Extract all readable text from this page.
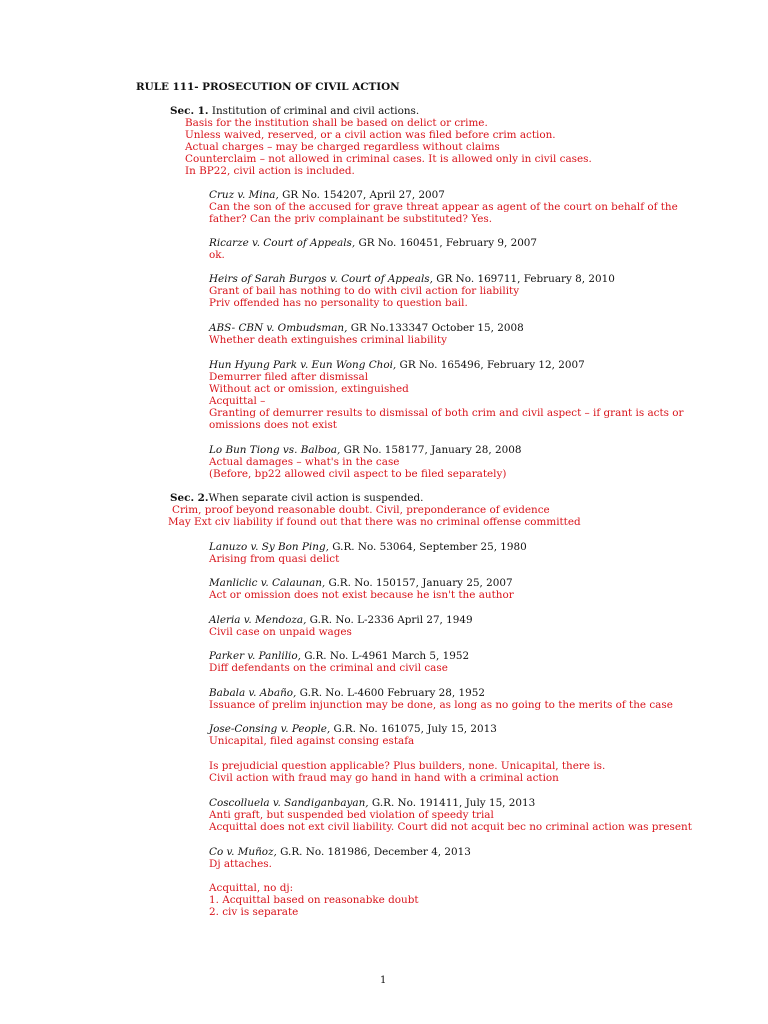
RULE 111- PROSECUTION OF CIVIL ACTION
Sec. 1. Institution of criminal and civil actions.
Basis for the institution shall be based on delict or crime.
Unless waived, reserved, or a civil action was filed before crim action.
Actual charges – may be charged regardless without claims
Counterclaim – not allowed in criminal cases. It is allowed only in civil cases.
In BP22, civil action is included.
Cruz v. Mina, GR No. 154207, April 27, 2007
Can the son of the accused for grave threat appear as agent of the court on behalf of the
father? Can the priv complainant be substituted? Yes.
Ricarze v. Court of Appeals, GR No. 160451, February 9, 2007
ok.
Heirs of Sarah Burgos v. Court of Appeals, GR No. 169711, February 8, 2010
Grant of bail has nothing to do with civil action for liability
Priv offended has no personality to question bail.
ABS- CBN v. Ombudsman, GR No.133347 October 15, 2008
Whether death extinguishes criminal liability
Hun Hyung Park v. Eun Wong Choi, GR No. 165496, February 12, 2007
Demurrer filed after dismissal
Without act or omission, extinguished
Acquittal –
Granting of demurrer results to dismissal of both crim and civil aspect – if grant is acts or
omissions does not exist
Lo Bun Tiong vs. Balboa, GR No. 158177, January 28, 2008
Actual damages – what's in the case
(Before, bp22 allowed civil aspect to be filed separately)
Sec. 2.When separate civil action is suspended.
Crim, proof beyond reasonable doubt. Civil, preponderance of evidence
May Ext civ liability if found out that there was no criminal offense committed
Lanuzo v. Sy Bon Ping, G.R. No. 53064, September 25, 1980
Arising from quasi delict
Manliclic v. Calaunan, G.R. No. 150157, January 25, 2007
Act or omission does not exist because he isn't the author
Aleria v. Mendoza, G.R. No. L-2336 April 27, 1949
Civil case on unpaid wages
Parker v. Panlilio, G.R. No. L-4961 March 5, 1952
Diff defendants on the criminal and civil case
Babala v. Abaño, G.R. No. L-4600 February 28, 1952
Issuance of prelim injunction may be done, as long as no going to the merits of the case
Jose-Consing v. People, G.R. No. 161075, July 15, 2013
Unicapital, filed against consing estafa
Is prejudicial question applicable? Plus builders, none. Unicapital, there is.
Civil action with fraud may go hand in hand with a criminal action
Coscolluela v. Sandiganbayan, G.R. No. 191411, July 15, 2013
Anti graft, but suspended bed violation of speedy trial
Acquittal does not ext civil liability. Court did not acquit bec no criminal action was present
Co v. Muñoz, G.R. No. 181986, December 4, 2013
Dj attaches.
Acquittal, no dj:
1. Acquittal based on reasonabke doubt
2. civ is separate
1
